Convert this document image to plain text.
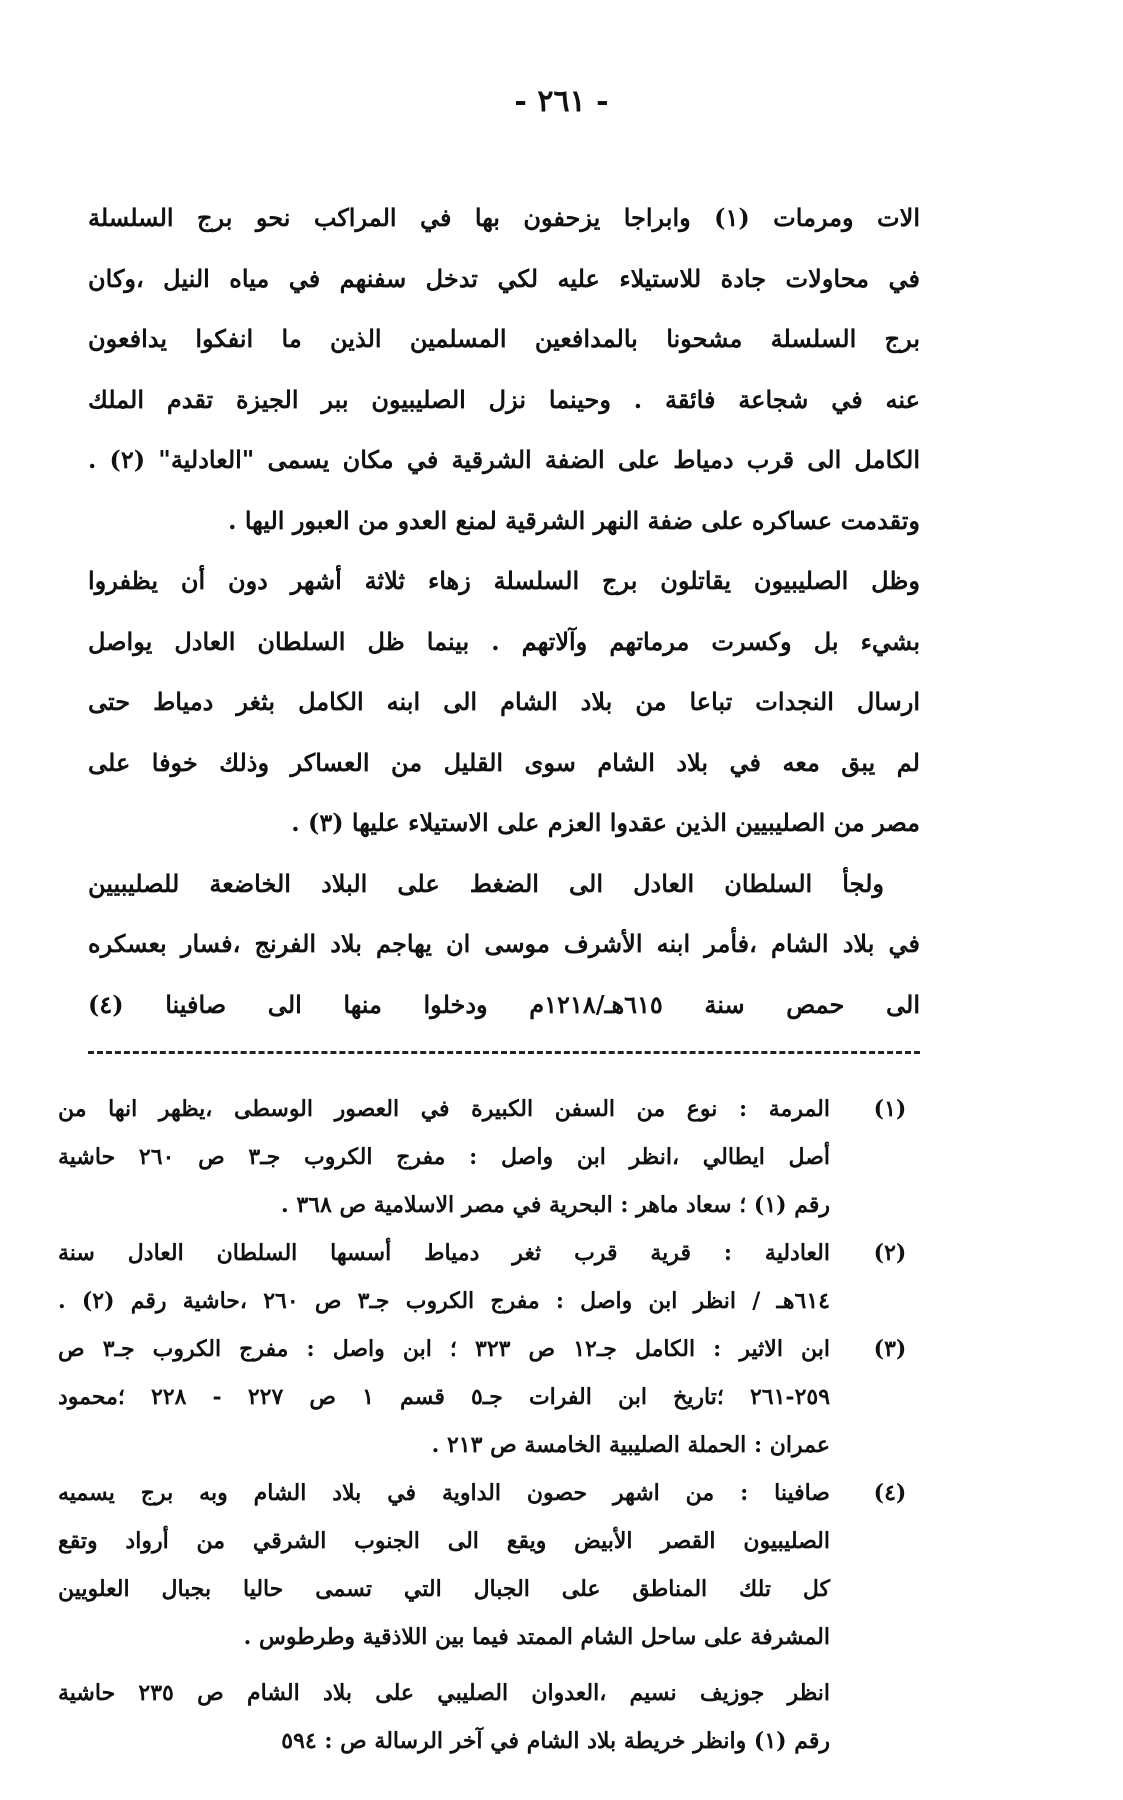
- ٢٦١ -
الات ومرمات (١) وابراجا يزحفون بها في المراكب نحو برج السلسلة
في محاولات جادة للاستيلاء عليه لكي تدخل سفنهم في مياه النيل ،وكان
برج السلسلة مشحونا بالمدافعين المسلمين الذين ما انفكوا يدافعون
عنه في شجاعة فائقة . وحينما نزل الصليبيون ببر الجيزة تقدم الملك
الكامل الى قرب دمياط على الضفة الشرقية في مكان يسمى "العادلية" (٢) .
وتقدمت عساكره على ضفة النهر الشرقية لمنع العدو من العبور اليها .
وظل الصليبيون يقاتلون برج السلسلة زهاء ثلاثة أشهر دون أن يظفروا
بشيء بل وكسرت مرماتهم وآلاتهم . بينما ظل السلطان العادل يواصل
ارسال النجدات تباعا من بلاد الشام الى ابنه الكامل بثغر دمياط حتى
لم يبق معه في بلاد الشام سوى القليل من العساكر وذلك خوفا على
مصر من الصليبيين الذين عقدوا العزم على الاستيلاء عليها (٣) .
ولجأ السلطان العادل الى الضغط على البلاد الخاضعة للصليبيين
في بلاد الشام ،فأمر ابنه الأشرف موسى ان يهاجم بلاد الفرنج ،فسار بعسكره
الى حمص سنة ٦١٥هـ/١٢١٨م ودخلوا منها الى صافينا (٤)
(١)
المرمة : نوع من السفن الكبيرة في العصور الوسطى ،يظهر انها من
أصل ايطالي ،انظر ابن واصل : مفرج الكروب جـ٣ ص ٢٦٠ حاشية
رقم (١) ؛ سعاد ماهر : البحرية في مصر الاسلامية ص ٣٦٨ .
(٢)
العادلية : قرية قرب ثغر دمياط أسسها السلطان العادل سنة
٦١٤هـ / انظر ابن واصل : مفرج الكروب جـ٣ ص ٢٦٠ ،حاشية رقم (٢) .
(٣)
ابن الاثير : الكامل جـ١٢ ص ٣٢٣ ؛ ابن واصل : مفرج الكروب جـ٣ ص
٢٥٩-٢٦١ ؛تاريخ ابن الفرات جـ٥ قسم ١ ص ٢٢٧ - ٢٢٨ ؛محمود
عمران : الحملة الصليبية الخامسة ص ٢١٣ .
(٤)
صافينا : من اشهر حصون الداوية في بلاد الشام وبه برج يسميه
الصليبيون القصر الأبيض ويقع الى الجنوب الشرقي من أرواد وتقع
كل تلك المناطق على الجبال التي تسمى حاليا بجبال العلويين
المشرفة على ساحل الشام الممتد فيما بين اللاذقية وطرطوس .
انظر جوزيف نسيم ،العدوان الصليبي على بلاد الشام ص ٢٣٥ حاشية
رقم (١) وانظر خريطة بلاد الشام في آخر الرسالة ص : ٥٩٤
